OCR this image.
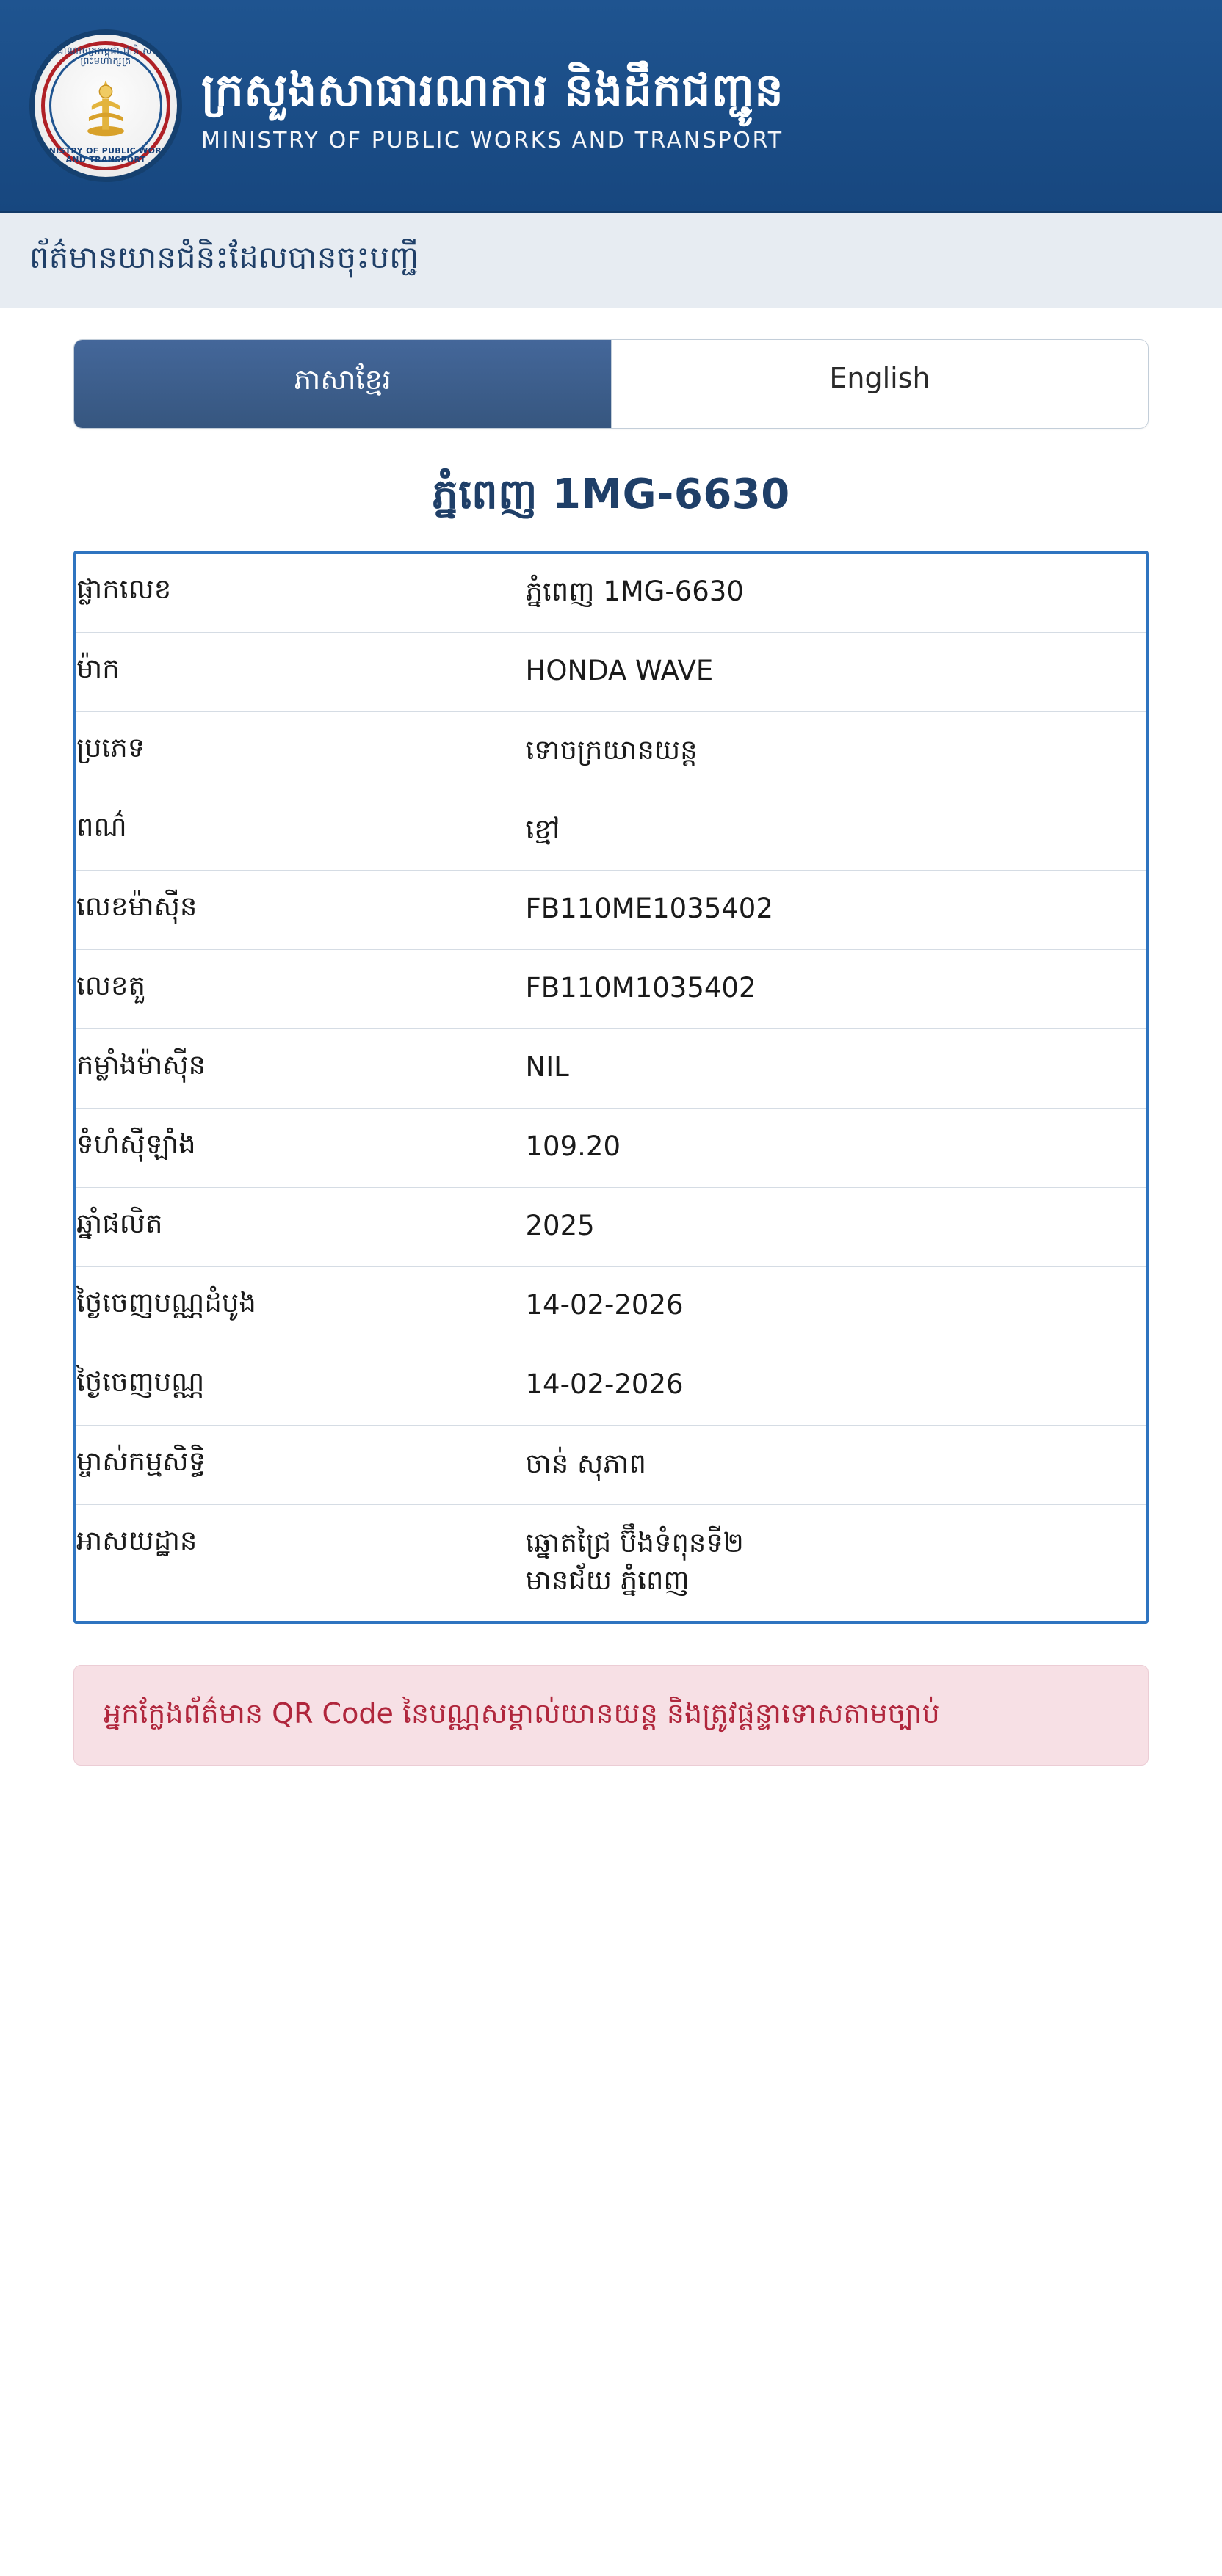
ព្រះរាជាណាចក្រកម្ពុជា ជាតិ សាសនា ព្រះមហាក្សត្រ
MINISTRY OF PUBLIC WORKS AND TRANSPORT
ក្រសួងសាធារណការ និងដឹកជញ្ជូន
MINISTRY OF PUBLIC WORKS AND TRANSPORT
ព័ត៌មានយានជំនិះដែលបានចុះបញ្ជី
ភាសាខ្មែរ	English
ភ្នំពេញ 1MG-6630
ផ្លាកលេខ	ភ្នំពេញ 1MG-6630
ម៉ាក	HONDA WAVE
ប្រភេទ	ទោចក្រយានយន្ត
ពណ៌	ខ្មៅ
លេខម៉ាស៊ីន	FB110ME1035402
លេខតួ	FB110M1035402
កម្លាំងម៉ាស៊ីន	NIL
ទំហំស៊ីឡាំង	109.20
ឆ្នាំផលិត	2025
ថ្ងៃចេញបណ្ណដំបូង	14-02-2026
ថ្ងៃចេញបណ្ណ	14-02-2026
ម្ចាស់កម្មសិទ្ធិ	ចាន់ សុភាព
អាសយដ្ឋាន	ឆ្នោតជ្រៃ ប៊ឹងទំពុនទី២
មានជ័យ ភ្នំពេញ
អ្នកក្លែងព័ត៌មាន QR Code នៃបណ្ណសម្គាល់យានយន្ត និងត្រូវផ្តន្ទាទោសតាមច្បាប់
